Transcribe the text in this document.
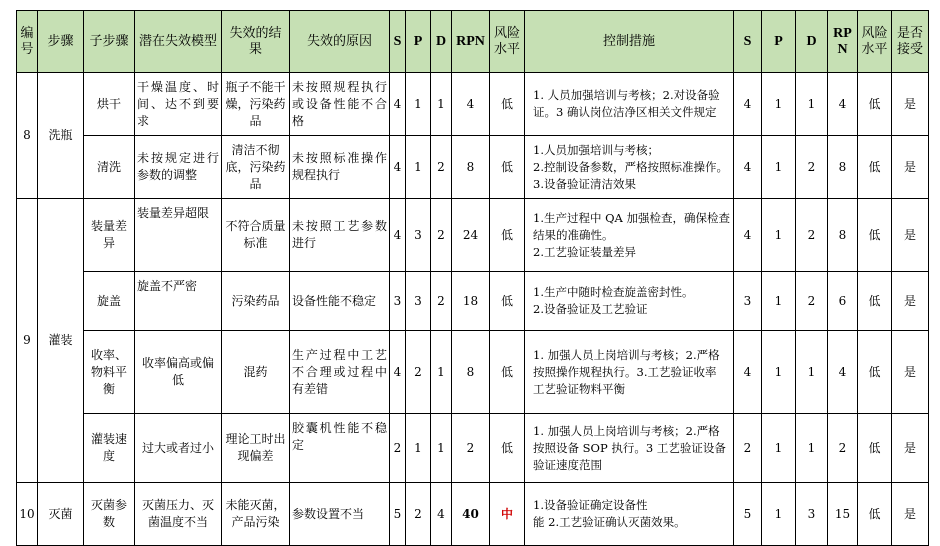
编号	步骤	子步骤	潜在失效模型	失效的结果	失效的原因	S	P	D	RPN	风险水平	控制措施	S	P	D	RPN	风险水平	是否接受
8	洗瓶	烘干	干燥温度、时间、达不到要求	瓶子不能干燥，污染药品	未按照规程执行或设备性能不合格	4	1	1	4	低	1. 人员加强培训与考核；2.对设备验证。3 确认岗位洁净区相关文件规定	4	1	1	4	低	是
		清洗	未按规定进行参数的调整	清洁不彻底，污染药品	未按照标准操作规程执行	4	1	2	8	低	1.人员加强培训与考核；
2.控制设备参数，严格按照标准操作。3.设备验证清洁效果	4	1	2	8	低	是
9	灌装	装量差异	装量差异超限	不符合质量标准	未按照工艺参数进行	4	3	2	24	低	1.生产过程中 QA 加强检查，确保检查结果的准确性。
2.工艺验证装量差异	4	1	2	8	低	是
		旋盖	旋盖不严密	污染药品	设备性能不稳定	3	3	2	18	低	1.生产中随时检查旋盖密封性。
2.设备验证及工艺验证	3	1	2	6	低	是
		收率、物料平衡	收率偏高或偏低	混药	生产过程中工艺不合理或过程中有差错	4	2	1	8	低	1. 加强人员上岗培训与考核；2.严格按照操作规程执行。3.工艺验证收率
工艺验证物料平衡	4	1	1	4	低	是
		灌装速度	过大或者过小	理论工时出现偏差	胶囊机性能不稳定	2	1	1	2	低	1. 加强人员上岗培训与考核；2.严格按照设备 SOP 执行。3 工艺验证设备验证速度范围	2	1	1	2	低	是
10	灭菌	灭菌参数	灭菌压力、灭菌温度不当	未能灭菌，产品污染	参数设置不当	5	2	4	40	中	1.设备验证确定设备性
能 2.工艺验证确认灭菌效果。	5	1	3	15	低	是
